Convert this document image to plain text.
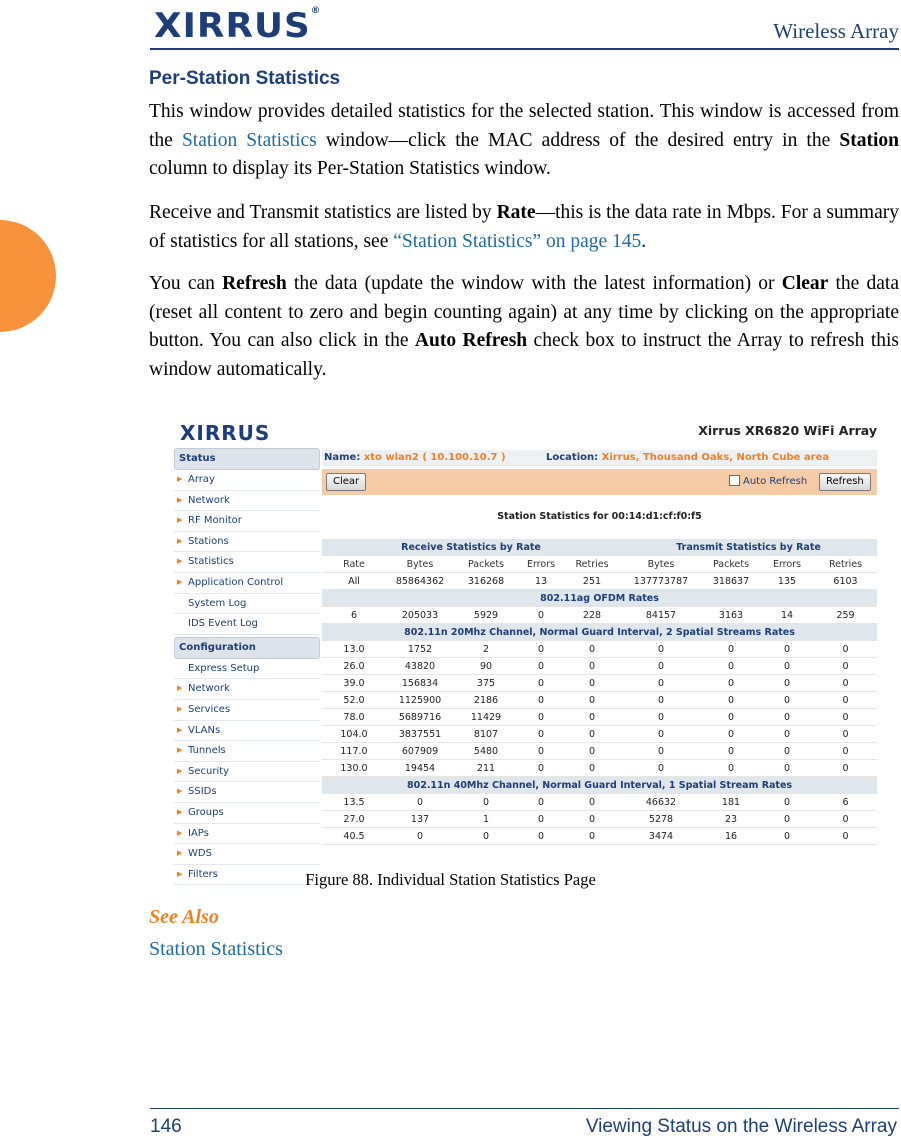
XIRRUS®
Wireless Array
Per-Station Statistics

This window provides detailed statistics for the selected station. This window is accessed from the Station Statistics window—click the MAC address of the desired entry in the Station column to display its Per-Station Statistics window.

Receive and Transmit statistics are listed by Rate—this is the data rate in Mbps. For a summary of statistics for all stations, see “Station Statistics” on page 145.

You can Refresh the data (update the window with the latest information) or Clear the data (reset all content to zero and begin counting again) at any time by clicking on the appropriate button. You can also click in the Auto Refresh check box to instruct the Array to refresh this window automatically.

XIRRUS	Xirrus XR6820 WiFi Array
Status
▶ Array
▶ Network
▶ RF Monitor
▶ Stations
▶ Statistics
▶ Application Control
System Log
IDS Event Log
Configuration
Express Setup
▶ Network
▶ Services
▶ VLANs
▶ Tunnels
▶ Security
▶ SSIDs
▶ Groups
▶ IAPs
▶ WDS
▶ Filters
Name: xto wlan2 ( 10.100.10.7 )	Location: Xirrus, Thousand Oaks, North Cube area
Clear	Auto Refresh	Refresh
Station Statistics for 00:14:d1:cf:f0:f5
Receive Statistics by Rate					Transmit Statistics by Rate			
Rate	Bytes	Packets	Errors	Retries	Bytes	Packets	Errors	Retries
All	85864362	316268	13	251	137773787	318637	135	6103
802.11ag OFDM Rates								
6	205033	5929	0	228	84157	3163	14	259
802.11n 20Mhz Channel, Normal Guard Interval, 2 Spatial Streams Rates								
13.0	1752	2	0	0	0	0	0	0
26.0	43820	90	0	0	0	0	0	0
39.0	156834	375	0	0	0	0	0	0
52.0	1125900	2186	0	0	0	0	0	0
78.0	5689716	11429	0	0	0	0	0	0
104.0	3837551	8107	0	0	0	0	0	0
117.0	607909	5480	0	0	0	0	0	0
130.0	19454	211	0	0	0	0	0	0
802.11n 40Mhz Channel, Normal Guard Interval, 1 Spatial Stream Rates								
13.5	0	0	0	0	46632	181	0	6
27.0	137	1	0	0	5278	23	0	0
40.5	0	0	0	0	3474	16	0	0
Figure 88. Individual Station Statistics Page
See Also
Station Statistics
146	Viewing Status on the Wireless Array
